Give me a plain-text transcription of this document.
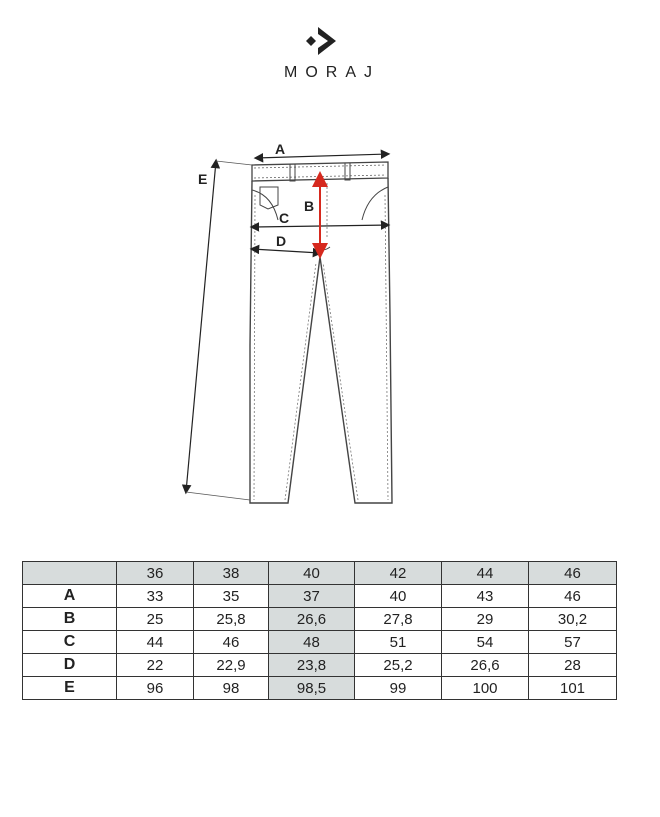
MORAJ
A
B
C
D
E
	36	38	40	42	44	46
A	33	35	37	40	43	46
B	25	25,8	26,6	27,8	29	30,2
C	44	46	48	51	54	57
D	22	22,9	23,8	25,2	26,6	28
E	96	98	98,5	99	100	101
